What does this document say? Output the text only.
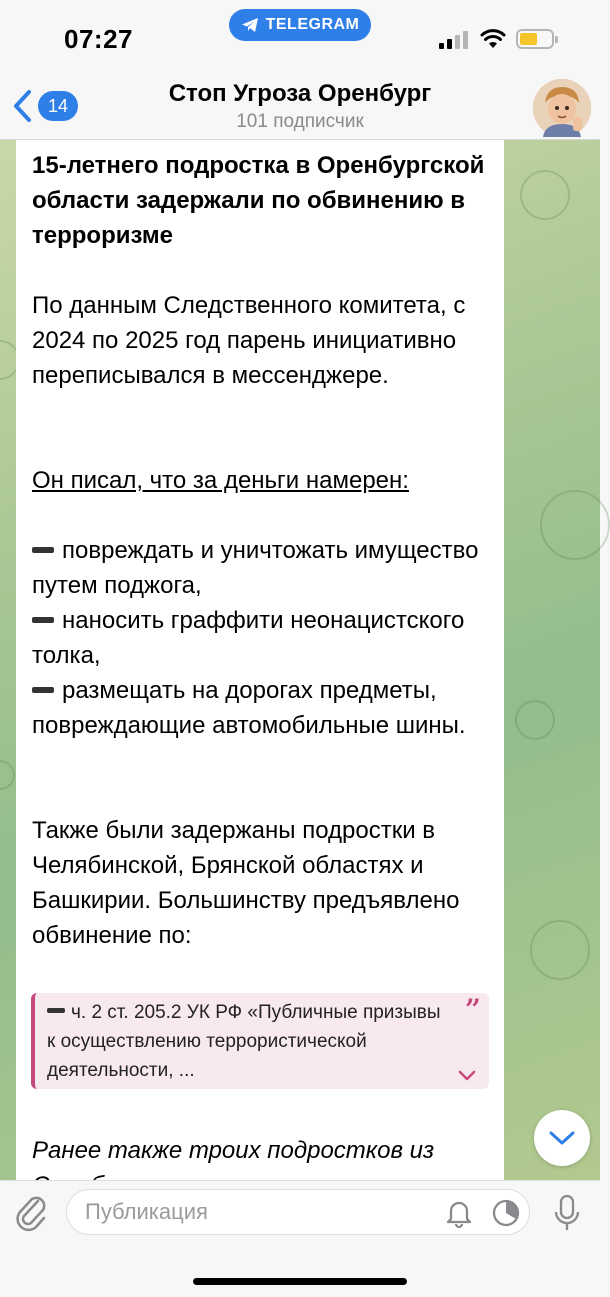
07:27	TELEGRAM
Стоп Угроза Оренбург
101 подписчик
14
15-летнего подростка в Оренбургской области задержали по обвинению в терроризме
По данным Следственного комитета, с 2024 по 2025 год парень инициативно переписывался в мессенджере.
Он писал, что за деньги намерен:
повреждать и уничтожать имущество путем поджога,
наносить граффити неонацистского толка,
размещать на дорогах предметы, повреждающие автомобильные шины.
Также были задержаны подростки в Челябинской, Брянской областях и Башкирии. Большинству предъявлено обвинение по:
ч. 2 ст. 205.2 УК РФ «Публичные призывы к осуществлению террористической деятельности, ...
”
Ранее также троих подростков из
Публикация
